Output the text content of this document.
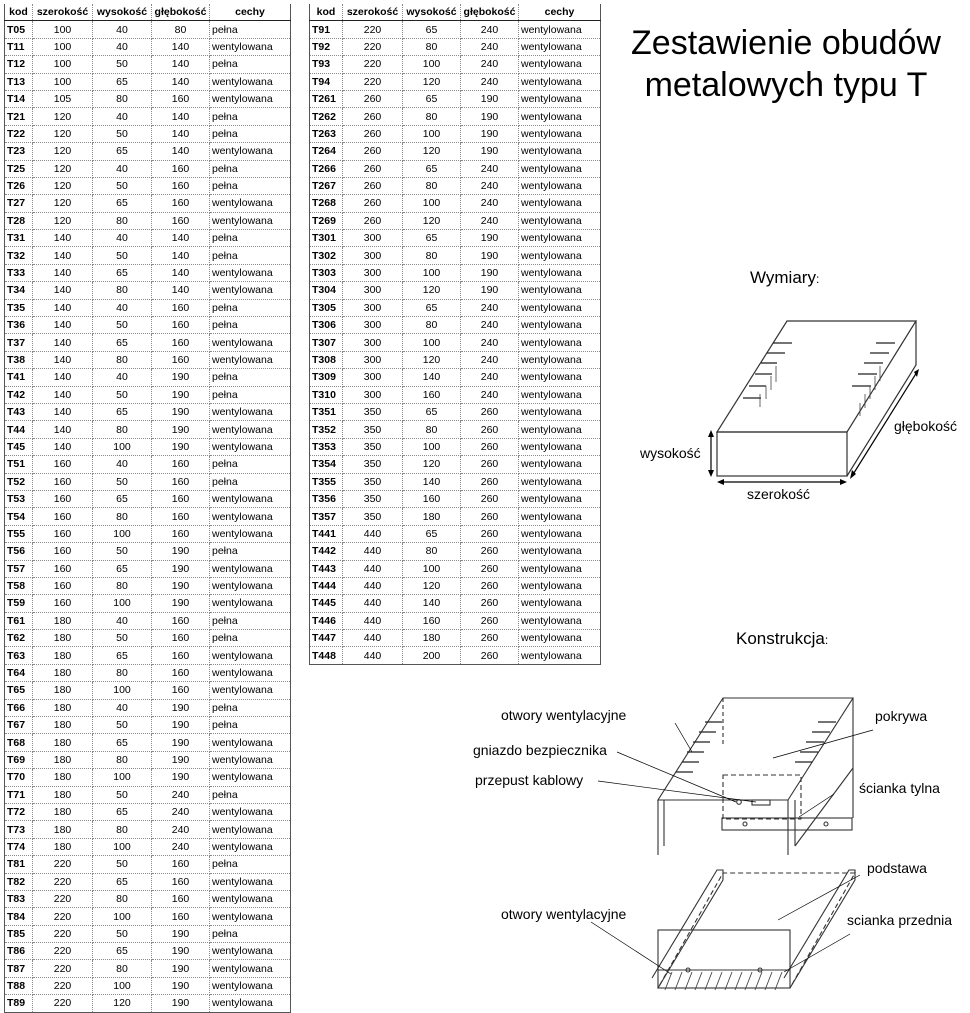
kod	szerokość	wysokość	głębokość	cechy
T05	100	40	80	pełna
T11	100	40	140	wentylowana
T12	100	50	140	pełna
T13	100	65	140	wentylowana
T14	105	80	160	wentylowana
T21	120	40	140	pełna
T22	120	50	140	pełna
T23	120	65	140	wentylowana
T25	120	40	160	pełna
T26	120	50	160	pełna
T27	120	65	160	wentylowana
T28	120	80	160	wentylowana
T31	140	40	140	pełna
T32	140	50	140	pełna
T33	140	65	140	wentylowana
T34	140	80	140	wentylowana
T35	140	40	160	pełna
T36	140	50	160	pełna
T37	140	65	160	wentylowana
T38	140	80	160	wentylowana
T41	140	40	190	pełna
T42	140	50	190	pełna
T43	140	65	190	wentylowana
T44	140	80	190	wentylowana
T45	140	100	190	wentylowana
T51	160	40	160	pełna
T52	160	50	160	pełna
T53	160	65	160	wentylowana
T54	160	80	160	wentylowana
T55	160	100	160	wentylowana
T56	160	50	190	pełna
T57	160	65	190	wentylowana
T58	160	80	190	wentylowana
T59	160	100	190	wentylowana
T61	180	40	160	pełna
T62	180	50	160	pełna
T63	180	65	160	wentylowana
T64	180	80	160	wentylowana
T65	180	100	160	wentylowana
T66	180	40	190	pełna
T67	180	50	190	pełna
T68	180	65	190	wentylowana
T69	180	80	190	wentylowana
T70	180	100	190	wentylowana
T71	180	50	240	pełna
T72	180	65	240	wentylowana
T73	180	80	240	wentylowana
T74	180	100	240	wentylowana
T81	220	50	160	pełna
T82	220	65	160	wentylowana
T83	220	80	160	wentylowana
T84	220	100	160	wentylowana
T85	220	50	190	pełna
T86	220	65	190	wentylowana
T87	220	80	190	wentylowana
T88	220	100	190	wentylowana
T89	220	120	190	wentylowana
kod	szerokość	wysokość	głębokość	cechy
T91	220	65	240	wentylowana
T92	220	80	240	wentylowana
T93	220	100	240	wentylowana
T94	220	120	240	wentylowana
T261	260	65	190	wentylowana
T262	260	80	190	wentylowana
T263	260	100	190	wentylowana
T264	260	120	190	wentylowana
T266	260	65	240	wentylowana
T267	260	80	240	wentylowana
T268	260	100	240	wentylowana
T269	260	120	240	wentylowana
T301	300	65	190	wentylowana
T302	300	80	190	wentylowana
T303	300	100	190	wentylowana
T304	300	120	190	wentylowana
T305	300	65	240	wentylowana
T306	300	80	240	wentylowana
T307	300	100	240	wentylowana
T308	300	120	240	wentylowana
T309	300	140	240	wentylowana
T310	300	160	240	wentylowana
T351	350	65	260	wentylowana
T352	350	80	260	wentylowana
T353	350	100	260	wentylowana
T354	350	120	260	wentylowana
T355	350	140	260	wentylowana
T356	350	160	260	wentylowana
T357	350	180	260	wentylowana
T441	440	65	260	wentylowana
T442	440	80	260	wentylowana
T443	440	100	260	wentylowana
T444	440	120	260	wentylowana
T445	440	140	260	wentylowana
T446	440	160	260	wentylowana
T447	440	180	260	wentylowana
T448	440	200	260	wentylowana
Zestawienie obudów
metalowych typu T
Wymiary:
wysokość
szerokość
głębokość
Konstrukcja:
otwory wentylacyjne
gniazdo bezpiecznika
przepust kablowy
pokrywa
ścianka tylna
podstawa
otwory wentylacyjne	scianka przednia
